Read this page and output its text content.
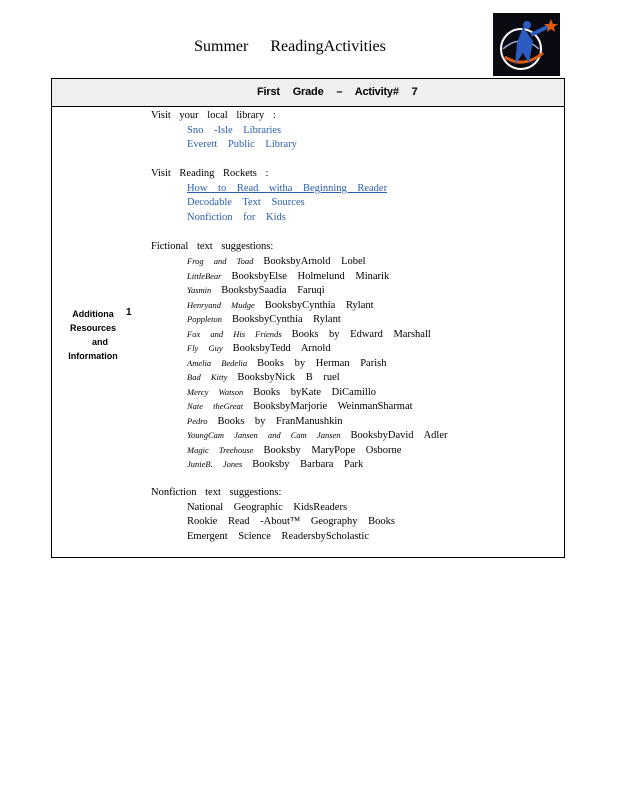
Summer ReadingActivities
First Grade – Activity# 7
Additiona
Resources
and
Information
1
Visit your local library :
Sno -Isle Libraries
Everett Public Library
Visit Reading Rockets :
How to Read witha Beginning Reader
Decodable Text Sources
Nonfiction for Kids
Fictional text suggestions:
Frog and Toad BooksbyArnold Lobel
LittleBear BooksbyElse Holmelund Minarik
Yasmin BooksbySaadia Faruqi
Henryand Mudge BooksbyCynthia Rylant
Poppleton BooksbyCynthia Rylant
Fox and His Friends Books by Edward Marshall
Fly Guy BooksbyTedd Arnold
Amelia Bedelia Books by Herman Parish
Bad Kitty BooksbyNick B ruel
Mercy Watson Books byKate DiCamillo
Nate theGreat BooksbyMarjorie WeinmanSharmat
Pedro Books by FranManushkin
YoungCam Jansen and Cam Jansen BooksbyDavid Adler
Magic Treehouse Booksby MaryPope Osborne
JunieB. Jones Booksby Barbara Park
Nonfiction text suggestions:
National Geographic KidsReaders
Rookie Read -About™ Geography Books
Emergent Science ReadersbyScholastic
